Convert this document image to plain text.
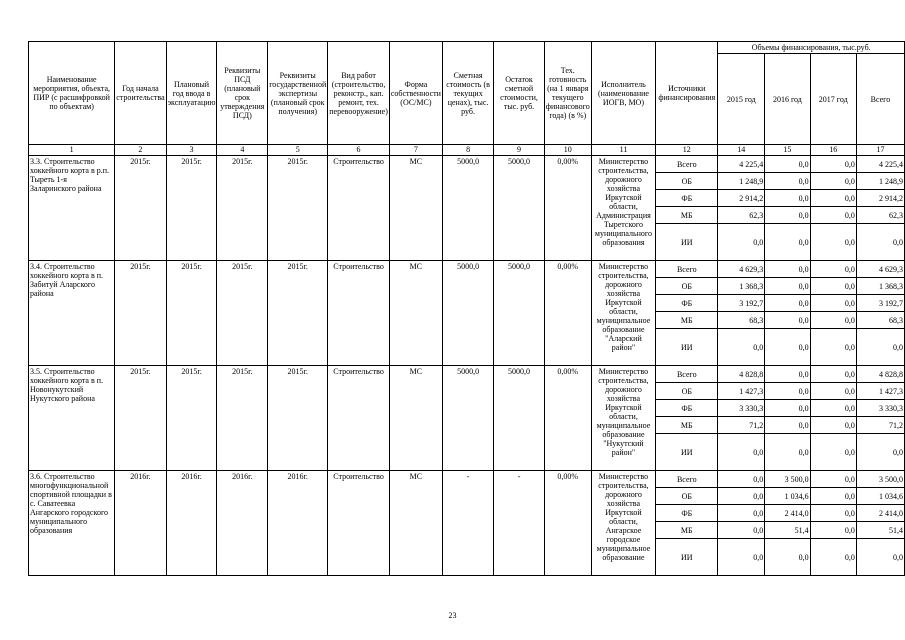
Наименование мероприятия, объекта, ПИР (с расшифровкой по объектам)	Год начала строительства	Плановый год ввода в эксплуатацию	Реквизиты ПСД (плановый срок утверждения ПСД)	Реквизиты государственной экспертизы (плановый срок получения)	Вид работ (строительство, реконстр., кап. ремонт, тех. перевооружение)	Форма собственности (ОС/МС)	Сметная стоимость (в текущих ценах), тыс. руб.	Остаток сметной стоимости, тыс. руб.	Тех. готовность (на 1 января текущего финансового года) (в %)	Исполнитель (наименование ИОГВ, МО)	Источники финансирования	Объемы финансирования, тыс.руб.			
												2015 год	2016 год	2017 год	Всего
1	2	3	4	5	6	7	8	9	10	11	12	14	15	16	17
3.3. Строительство хоккейного корта в р.п. Тыреть 1-я Заларинского района	2015г.	2015г.	2015г.	2015г.	Строительство	МС	5000,0	5000,0	0,00%	Министерство строительства, дорожного хозяйства Иркутской области, Администрация Тыретского муниципального образования	Всего	4 225,4	0,0	0,0	4 225,4
											ОБ	1 248,9	0,0	0,0	1 248,9
											ФБ	2 914,2	0,0	0,0	2 914,2
											МБ	62,3	0,0	0,0	62,3
											ИИ	0,0	0,0	0,0	0,0
3.4. Строительство хоккейного корта в п. Забитуй Аларского района	2015г.	2015г.	2015г.	2015г.	Строительство	МС	5000,0	5000,0	0,00%	Министерство строительства, дорожного хозяйства Иркутской области, муниципальное образование "Аларский район"	Всего	4 629,3	0,0	0,0	4 629,3
											ОБ	1 368,3	0,0	0,0	1 368,3
											ФБ	3 192,7	0,0	0,0	3 192,7
											МБ	68,3	0,0	0,0	68,3
											ИИ	0,0	0,0	0,0	0,0
3.5. Строительство хоккейного корта в п. Новонукутский Нукутского района	2015г.	2015г.	2015г.	2015г.	Строительство	МС	5000,0	5000,0	0,00%	Министерство строительства, дорожного хозяйства Иркутской области, муниципальное образование "Нукутский район"	Всего	4 828,8	0,0	0,0	4 828,8
											ОБ	1 427,3	0,0	0,0	1 427,3
											ФБ	3 330,3	0,0	0,0	3 330,3
											МБ	71,2	0,0	0,0	71,2
											ИИ	0,0	0,0	0,0	0,0
3.6. Строительство многофункциональной спортивной площадки в с. Саватеевка Ангарского городского муниципального образования	2016г.	2016г.	2016г.	2016г.	Строительство	МС	-	-	0,00%	Министерство строительства, дорожного хозяйства Иркутской области, Ангарское городское муниципальное образование	Всего	0,0	3 500,0	0,0	3 500,0
											ОБ	0,0	1 034,6	0,0	1 034,6
											ФБ	0,0	2 414,0	0,0	2 414,0
											МБ	0,0	51,4	0,0	51,4
											ИИ	0,0	0,0	0,0	0,0
23
